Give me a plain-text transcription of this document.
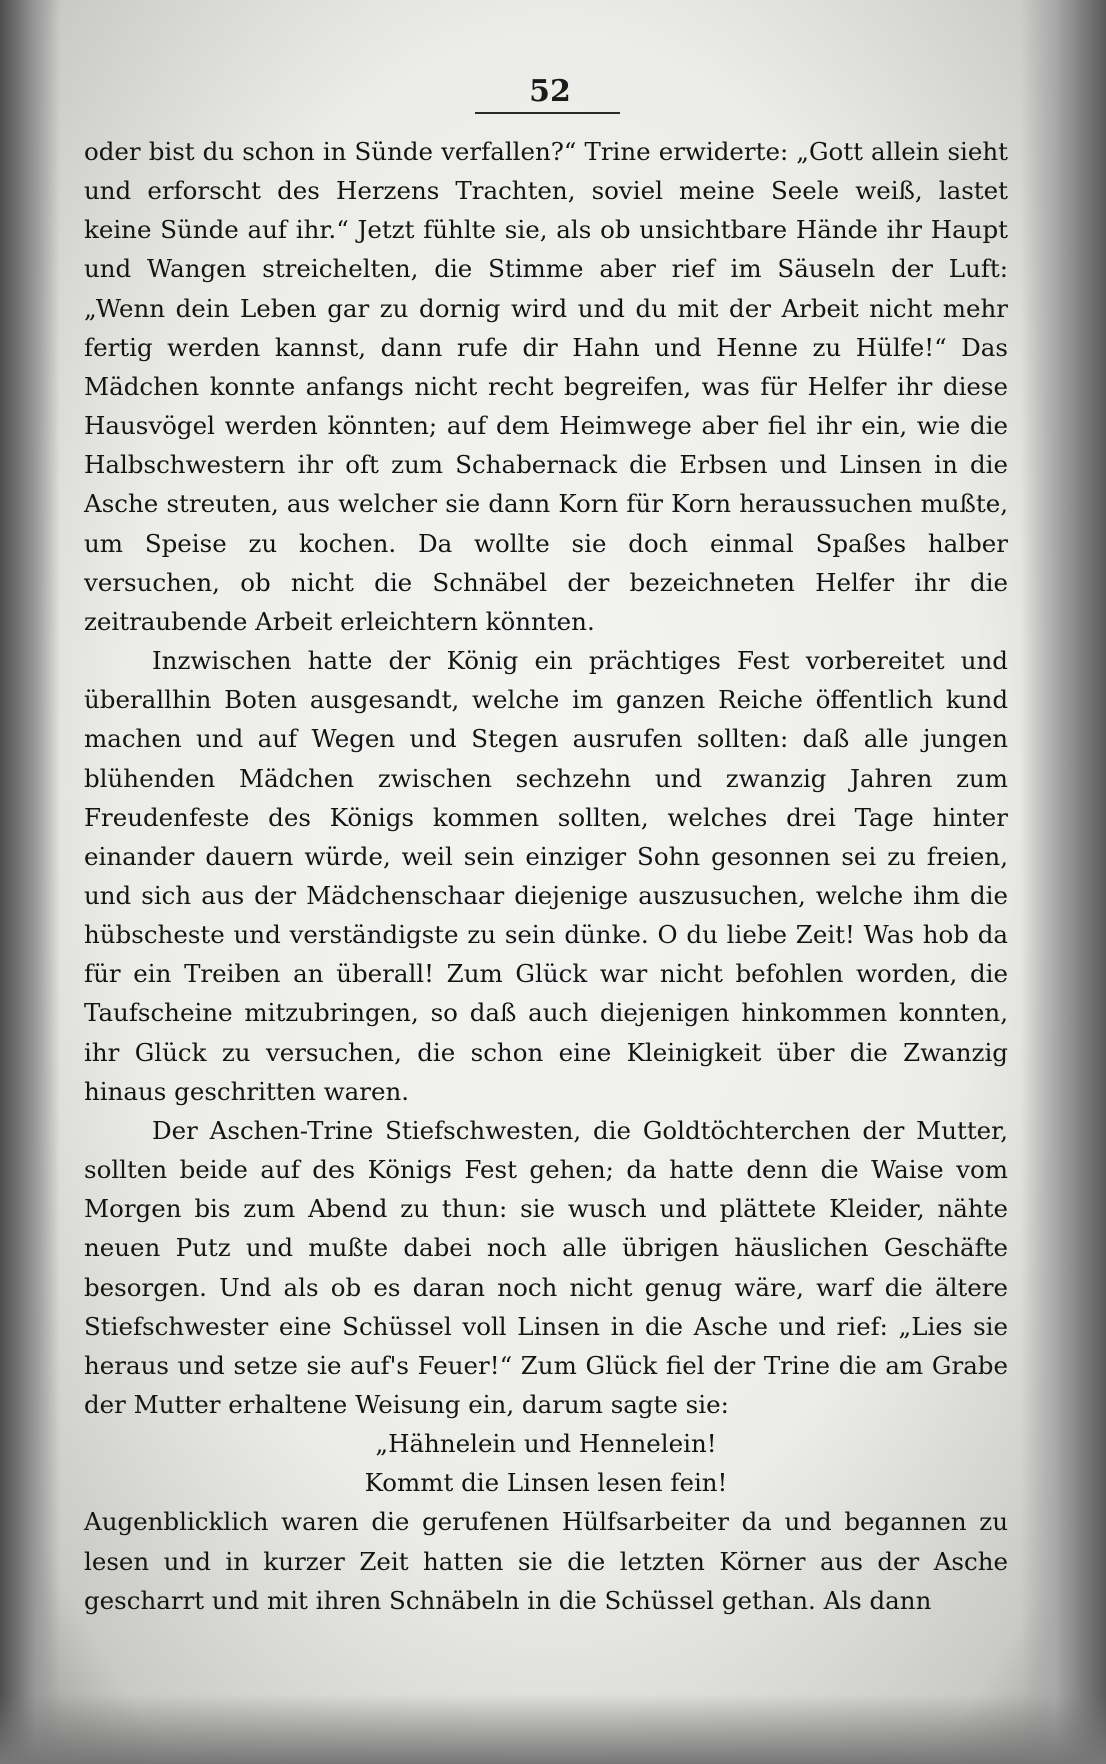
52

oder bist du schon in Sünde verfallen?“ Trine erwiderte: „Gott allein sieht und erforscht des Herzens Trachten, soviel meine Seele weiß, lastet keine Sünde auf ihr.“ Jetzt fühlte sie, als ob unsichtbare Hände ihr Haupt und Wangen streichelten, die Stimme aber rief im Säuseln der Luft: „Wenn dein Leben gar zu dornig wird und du mit der Arbeit nicht mehr fertig werden kannst, dann rufe dir Hahn und Henne zu Hülfe!“ Das Mädchen konnte anfangs nicht recht begreifen, was für Helfer ihr diese Hausvögel werden könnten; auf dem Heimwege aber fiel ihr ein, wie die Halbschwestern ihr oft zum Schabernack die Erbsen und Linsen in die Asche streuten, aus welcher sie dann Korn für Korn heraussuchen mußte, um Speise zu kochen. Da wollte sie doch einmal Spaßes halber versuchen, ob nicht die Schnäbel der bezeichneten Helfer ihr die zeitraubende Arbeit erleichtern könnten.

Inzwischen hatte der König ein prächtiges Fest vorbereitet und überallhin Boten ausgesandt, welche im ganzen Reiche öffentlich kund machen und auf Wegen und Stegen ausrufen sollten: daß alle jungen blühenden Mädchen zwischen sechzehn und zwanzig Jahren zum Freudenfeste des Königs kommen sollten, welches drei Tage hinter einander dauern würde, weil sein einziger Sohn gesonnen sei zu freien, und sich aus der Mädchenschaar diejenige auszusuchen, welche ihm die hübscheste und verständigste zu sein dünke. O du liebe Zeit! Was hob da für ein Treiben an überall! Zum Glück war nicht befohlen worden, die Taufscheine mitzubringen, so daß auch diejenigen hinkommen konnten, ihr Glück zu versuchen, die schon eine Kleinigkeit über die Zwanzig hinaus geschritten waren.

Der Aschen-Trine Stiefschwesten, die Goldtöchterchen der Mutter, sollten beide auf des Königs Fest gehen; da hatte denn die Waise vom Morgen bis zum Abend zu thun: sie wusch und plättete Kleider, nähte neuen Putz und mußte dabei noch alle übrigen häuslichen Geschäfte besorgen. Und als ob es daran noch nicht genug wäre, warf die ältere Stiefschwester eine Schüssel voll Linsen in die Asche und rief: „Lies sie heraus und setze sie auf's Feuer!“ Zum Glück fiel der Trine die am Grabe der Mutter erhaltene Weisung ein, darum sagte sie:

„Hähnelein und Hennelein!

Kommt die Linsen lesen fein!

Augenblicklich waren die gerufenen Hülfsarbeiter da und begannen zu lesen und in kurzer Zeit hatten sie die letzten Körner aus der Asche gescharrt und mit ihren Schnäbeln in die Schüssel gethan. Als dann
